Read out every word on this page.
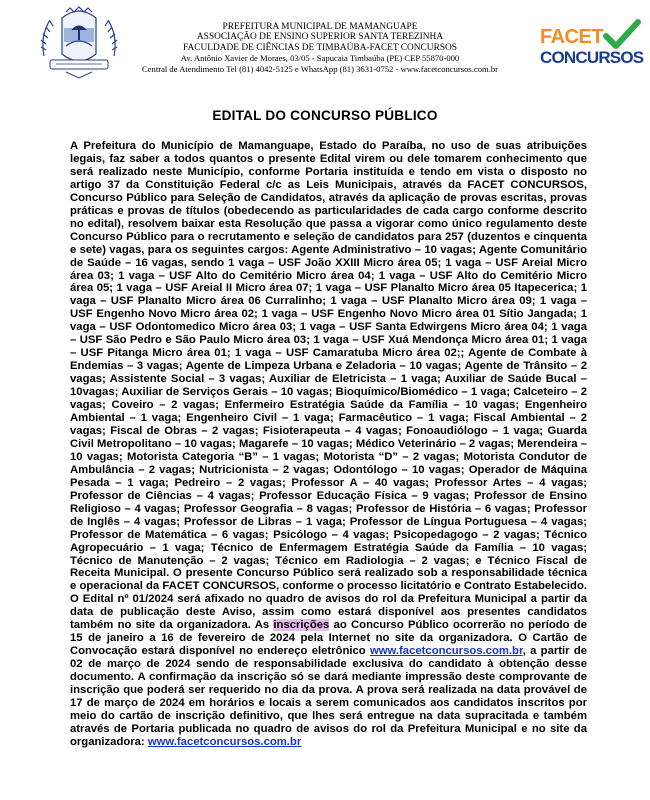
PREFEITURA MUNICIPAL DE MAMANGUAPE
ASSOCIAÇÃO DE ENSINO SUPERIOR SANTA TEREZINHA
FACULDADE DE CIÊNCIAS DE TIMBAÚBA-FACET CONCURSOS
Av. Antônio Xavier de Moraes, 03/05 - Sapucaia Timbaúba (PE) CEP 55870-000
Central de Atendimento Tel (81) 4042-5125 e WhatsApp (81) 3631-0752 - www.facetconcursos.com.br
FACET
CONCURSOS
EDITAL DO CONCURSO PÚBLICO

A Prefeitura do Município de Mamanguape, Estado do Paraíba, no uso de suas atribuições legais, faz saber a todos quantos o presente Edital virem ou dele tomarem conhecimento que será realizado neste Município, conforme Portaria instituída e tendo em vista o disposto no artigo 37 da Constituição Federal c/c as Leis Municipais, através da FACET CONCURSOS, Concurso Público para Seleção de Candidatos, através da aplicação de provas escritas, provas práticas e provas de títulos (obedecendo as particularidades de cada cargo conforme descrito no edital), resolvem baixar esta Resolução que passa a vigorar como único regulamento deste Concurso Público para o recrutamento e seleção de candidatos para 257 (duzentos e cinquenta e sete) vagas, para os seguintes cargos: Agente Administrativo – 10 vagas; Agente Comunitário de Saúde – 16 vagas, sendo 1 vaga – USF João XXIII Micro área 05; 1 vaga – USF Areial Micro área 03; 1 vaga – USF Alto do Cemitério Micro área 04; 1 vaga – USF Alto do Cemitério Micro área 05; 1 vaga – USF Areial II Micro área 07; 1 vaga – USF Planalto Micro área 05 Itapecerica; 1 vaga – USF Planalto Micro área 06 Curralinho; 1 vaga – USF Planalto Micro área 09; 1 vaga – USF Engenho Novo Micro área 02; 1 vaga – USF Engenho Novo Micro área 01 Sítio Jangada; 1 vaga – USF Odontomedico Micro área 03; 1 vaga – USF Santa Edwirgens Micro área 04; 1 vaga – USF São Pedro e São Paulo Micro área 03; 1 vaga – USF Xuá Mendonça Micro área 01; 1 vaga – USF Pitanga Micro área 01; 1 vaga – USF Camaratuba Micro área 02;; Agente de Combate à Endemias – 3 vagas; Agente de Limpeza Urbana e Zeladoria – 10 vagas; Agente de Trânsito – 2 vagas; Assistente Social – 3 vagas; Auxiliar de Eletricista – 1 vaga; Auxiliar de Saúde Bucal – 10vagas; Auxiliar de Serviços Gerais – 10 vagas; Bioquímico/Biomédico – 1 vaga; Calceteiro – 2 vagas; Coveiro – 2 vagas; Enfermeiro Estratégia Saúde da Família – 10 vagas; Engenheiro Ambiental – 1 vaga; Engenheiro Civil – 1 vaga; Farmacêutico – 1 vaga; Fiscal Ambiental – 2 vagas; Fiscal de Obras – 2 vagas; Fisioterapeuta – 4 vagas; Fonoaudiólogo – 1 vaga; Guarda Civil Metropolitano – 10 vagas; Magarefe – 10 vagas; Médico Veterinário – 2 vagas; Merendeira – 10 vagas; Motorista Categoria “B” – 1 vagas; Motorista “D” – 2 vagas; Motorista Condutor de Ambulância – 2 vagas; Nutricionista – 2 vagas; Odontólogo – 10 vagas; Operador de Máquina Pesada – 1 vaga; Pedreiro – 2 vagas; Professor A – 40 vagas; Professor Artes – 4 vagas; Professor de Ciências – 4 vagas; Professor Educação Física – 9 vagas; Professor de Ensino Religioso – 4 vagas; Professor Geografia – 8 vagas; Professor de História – 6 vagas; Professor de Inglês – 4 vagas; Professor de Libras – 1 vaga; Professor de Língua Portuguesa – 4 vagas; Professor de Matemática – 6 vagas; Psicólogo – 4 vagas; Psicopedagogo – 2 vagas; Técnico Agropecuário – 1 vaga; Técnico de Enfermagem Estratégia Saúde da Família – 10 vagas; Técnico de Manutenção – 2 vagas; Técnico em Radiologia – 2 vagas; e Técnico Fiscal de Receita Municipal. O presente Concurso Público será realizado sob a responsabilidade técnica e operacional da FACET CONCURSOS, conforme o processo licitatório e Contrato Estabelecido. O Edital nº 01/2024 será afixado no quadro de avisos do rol da Prefeitura Municipal a partir da data de publicação deste Aviso, assim como estará disponível aos presentes candidatos também no site da organizadora. As inscrições ao Concurso Público ocorrerão no período de 15 de janeiro a 16 de fevereiro de 2024 pela Internet no site da organizadora. O Cartão de Convocação estará disponível no endereço eletrônico www.facetconcursos.com.br, a partir de 02 de março de 2024 sendo de responsabilidade exclusiva do candidato à obtenção desse documento. A confirmação da inscrição só se dará mediante impressão deste comprovante de inscrição que poderá ser requerido no dia da prova. A prova será realizada na data provável de 17 de março de 2024 em horários e locais a serem comunicados aos candidatos inscritos por meio do cartão de inscrição definitivo, que lhes será entregue na data supracitada e também através de Portaria publicada no quadro de avisos do rol da Prefeitura Municipal e no site da organizadora: www.facetconcursos.com.br
